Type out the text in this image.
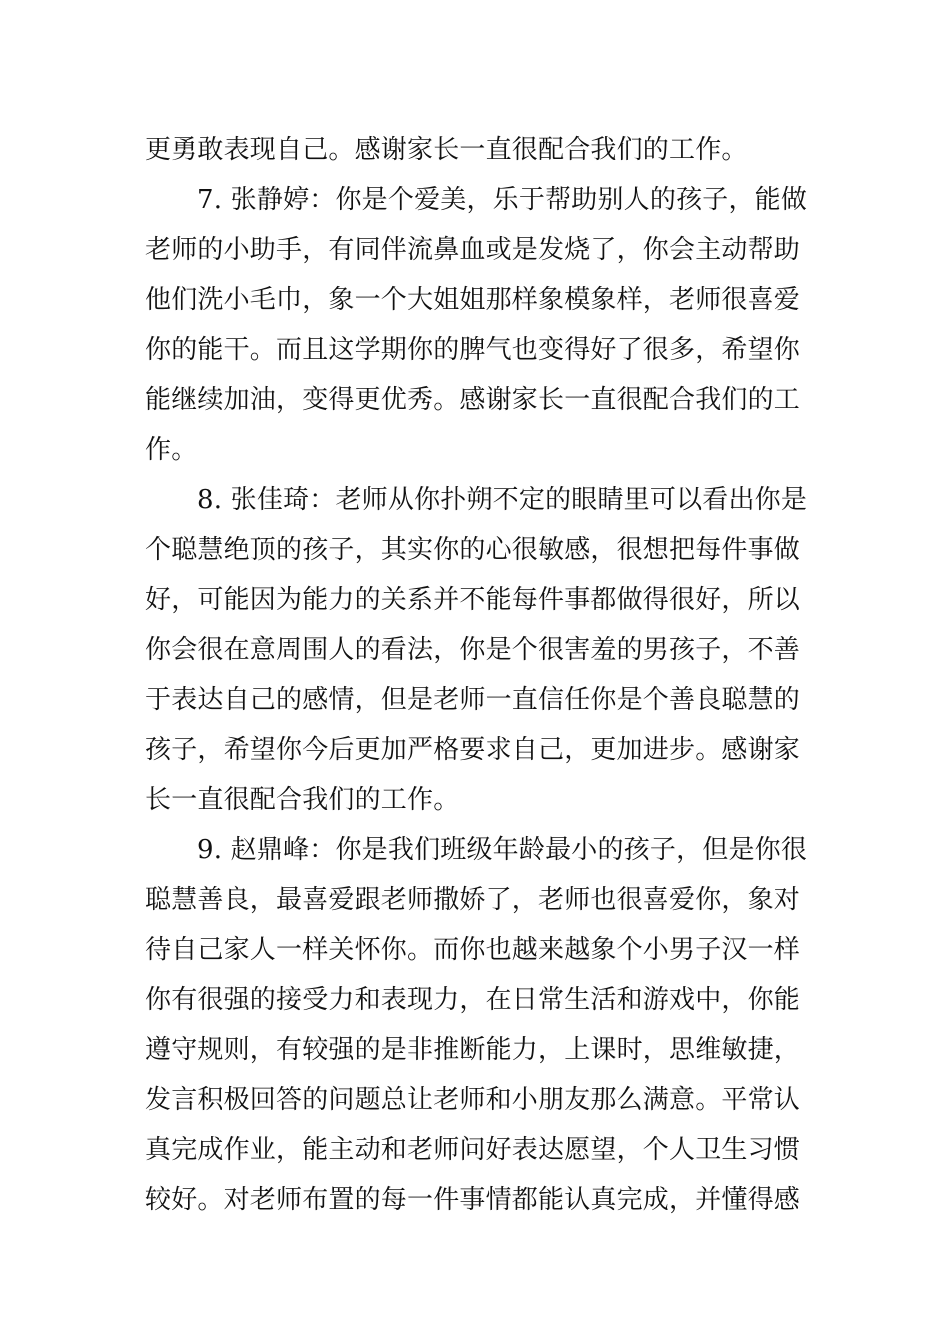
更勇敢表现自己。感谢家长一直很配合我们的工作。
7. 张静婷：你是个爱美，乐于帮助别人的孩子，能做
老师的小助手，有同伴流鼻血或是发烧了，你会主动帮助
他们洗小毛巾，象一个大姐姐那样象模象样，老师很喜爱
你的能干。而且这学期你的脾气也变得好了很多，希望你
能继续加油，变得更优秀。感谢家长一直很配合我们的工
作。
8. 张佳琦：老师从你扑朔不定的眼睛里可以看出你是
个聪慧绝顶的孩子，其实你的心很敏感，很想把每件事做
好，可能因为能力的关系并不能每件事都做得很好，所以
你会很在意周围人的看法，你是个很害羞的男孩子，不善
于表达自己的感情，但是老师一直信任你是个善良聪慧的
孩子，希望你今后更加严格要求自己，更加进步。感谢家
长一直很配合我们的工作。
9. 赵鼎峰：你是我们班级年龄最小的孩子，但是你很
聪慧善良，最喜爱跟老师撒娇了，老师也很喜爱你，象对
待自己家人一样关怀你。而你也越来越象个小男子汉一样
你有很强的接受力和表现力，在日常生活和游戏中，你能
遵守规则，有较强的是非推断能力，上课时，思维敏捷，
发言积极回答的问题总让老师和小朋友那么满意。平常认
真完成作业，能主动和老师问好表达愿望，个人卫生习惯
较好。对老师布置的每一件事情都能认真完成，并懂得感
